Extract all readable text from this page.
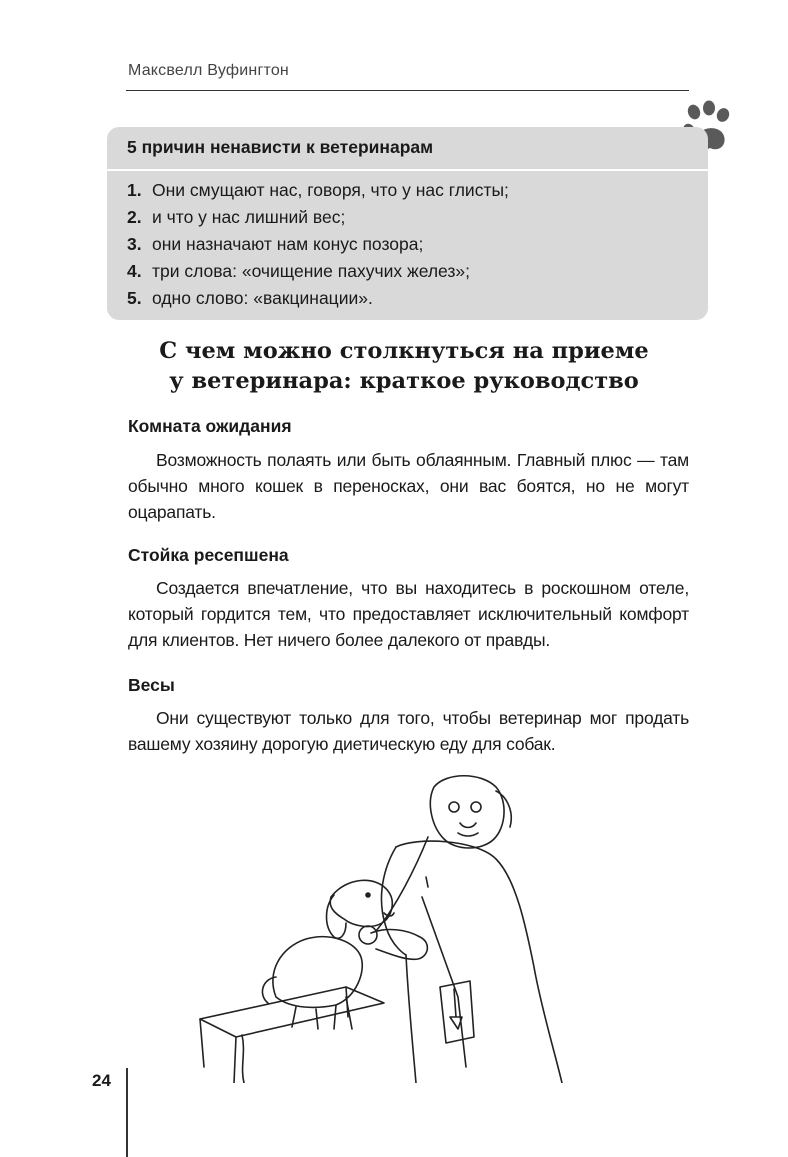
Максвелл Вуфингтон
5 причин ненависти к ветеринарам
1. Они смущают нас, говоря, что у нас глисты;
2. и что у нас лишний вес;
3. они назначают нам конус позора;
4. три слова: «очищение пахучих желез»;
5. одно слово: «вакцинации».
С чем можно столкнуться на приеме
у ветеринара: краткое руководство
Комната ожидания

Возможность полаять или быть облаянным. Главный плюс — там обычно много кошек в переносках, они вас боятся, но не могут оцарапать.

Стойка ресепшена

Создается впечатление, что вы находитесь в роскошном отеле, который гордится тем, что предоставляет исключительный комфорт для клиентов. Нет ничего более далекого от правды.

Весы

Они существуют только для того, чтобы ветеринар мог продать вашему хозяину дорогую диетическую еду для собак.

24
